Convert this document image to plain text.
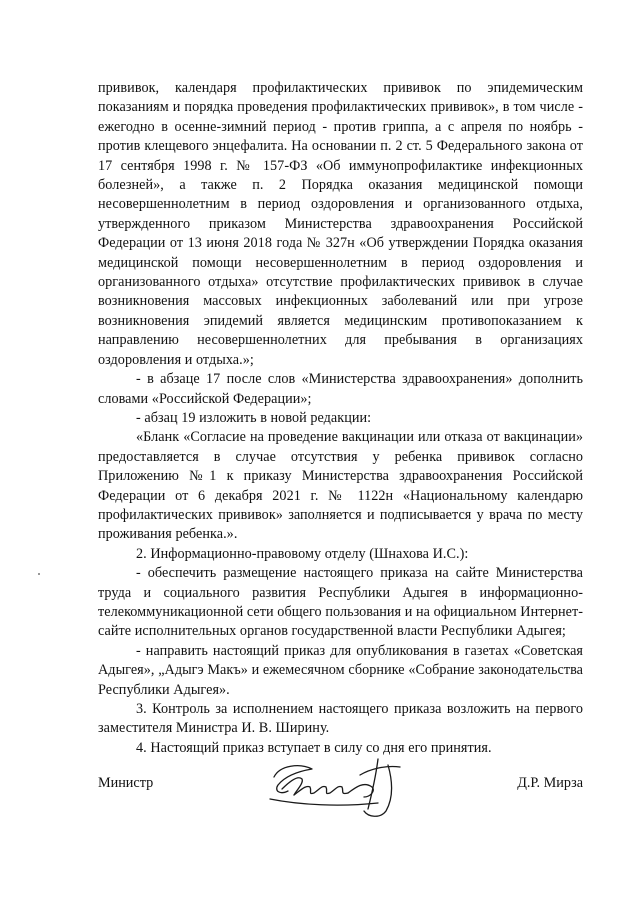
прививок, календаря профилактических прививок по эпидемическим показаниям и порядка проведения профилактических прививок», в том числе - ежегодно в осенне-зимний период - против гриппа, а с апреля по ноябрь - против клещевого энцефалита. На основании п. 2 ст. 5 Федерального закона от 17 сентября 1998 г. № 157-ФЗ «Об иммунопрофилактике инфекционных болезней», а также п. 2 Порядка оказания медицинской помощи несовершеннолетним в период оздоровления и организованного отдыха, утвержденного приказом Министерства здравоохранения Российской Федерации от 13 июня 2018 года № 327н «Об утверждении Порядка оказания медицинской помощи несовершеннолетним в период оздоровления и организованного отдыха» отсутствие профилактических прививок в случае возникновения массовых инфекционных заболеваний или при угрозе возникновения эпидемий является медицинским противопоказанием к направлению несовершеннолетних для пребывания в организациях оздоровления и отдыха.»;

- в абзаце 17 после слов «Министерства здравоохранения» дополнить словами «Российской Федерации»;

- абзац 19 изложить в новой редакции:

«Бланк «Согласие на проведение вакцинации или отказа от вакцинации» предоставляется в случае отсутствия у ребенка прививок согласно Приложению №1 к приказу Министерства здравоохранения Российской Федерации от 6 декабря 2021 г. № 1122н «Национальному календарю профилактических прививок» заполняется и подписывается у врача по месту проживания ребенка.».

2. Информационно-правовому отделу (Шнахова И.С.):

- обеспечить размещение настоящего приказа на сайте Министерства труда и социального развития Республики Адыгея в информационно-телекоммуникационной сети общего пользования и на официальном Интернет-сайте исполнительных органов государственной власти Республики Адыгея;

- направить настоящий приказ для опубликования в газетах «Советская Адыгея», „Адыгэ Макъ» и ежемесячном сборнике «Собрание законодательства Республики Адыгея».

3. Контроль за исполнением настоящего приказа возложить на первого заместителя Министра И. В. Ширину.

4. Настоящий приказ вступает в силу со дня его принятия.

Министр	Д.Р. Мирза
